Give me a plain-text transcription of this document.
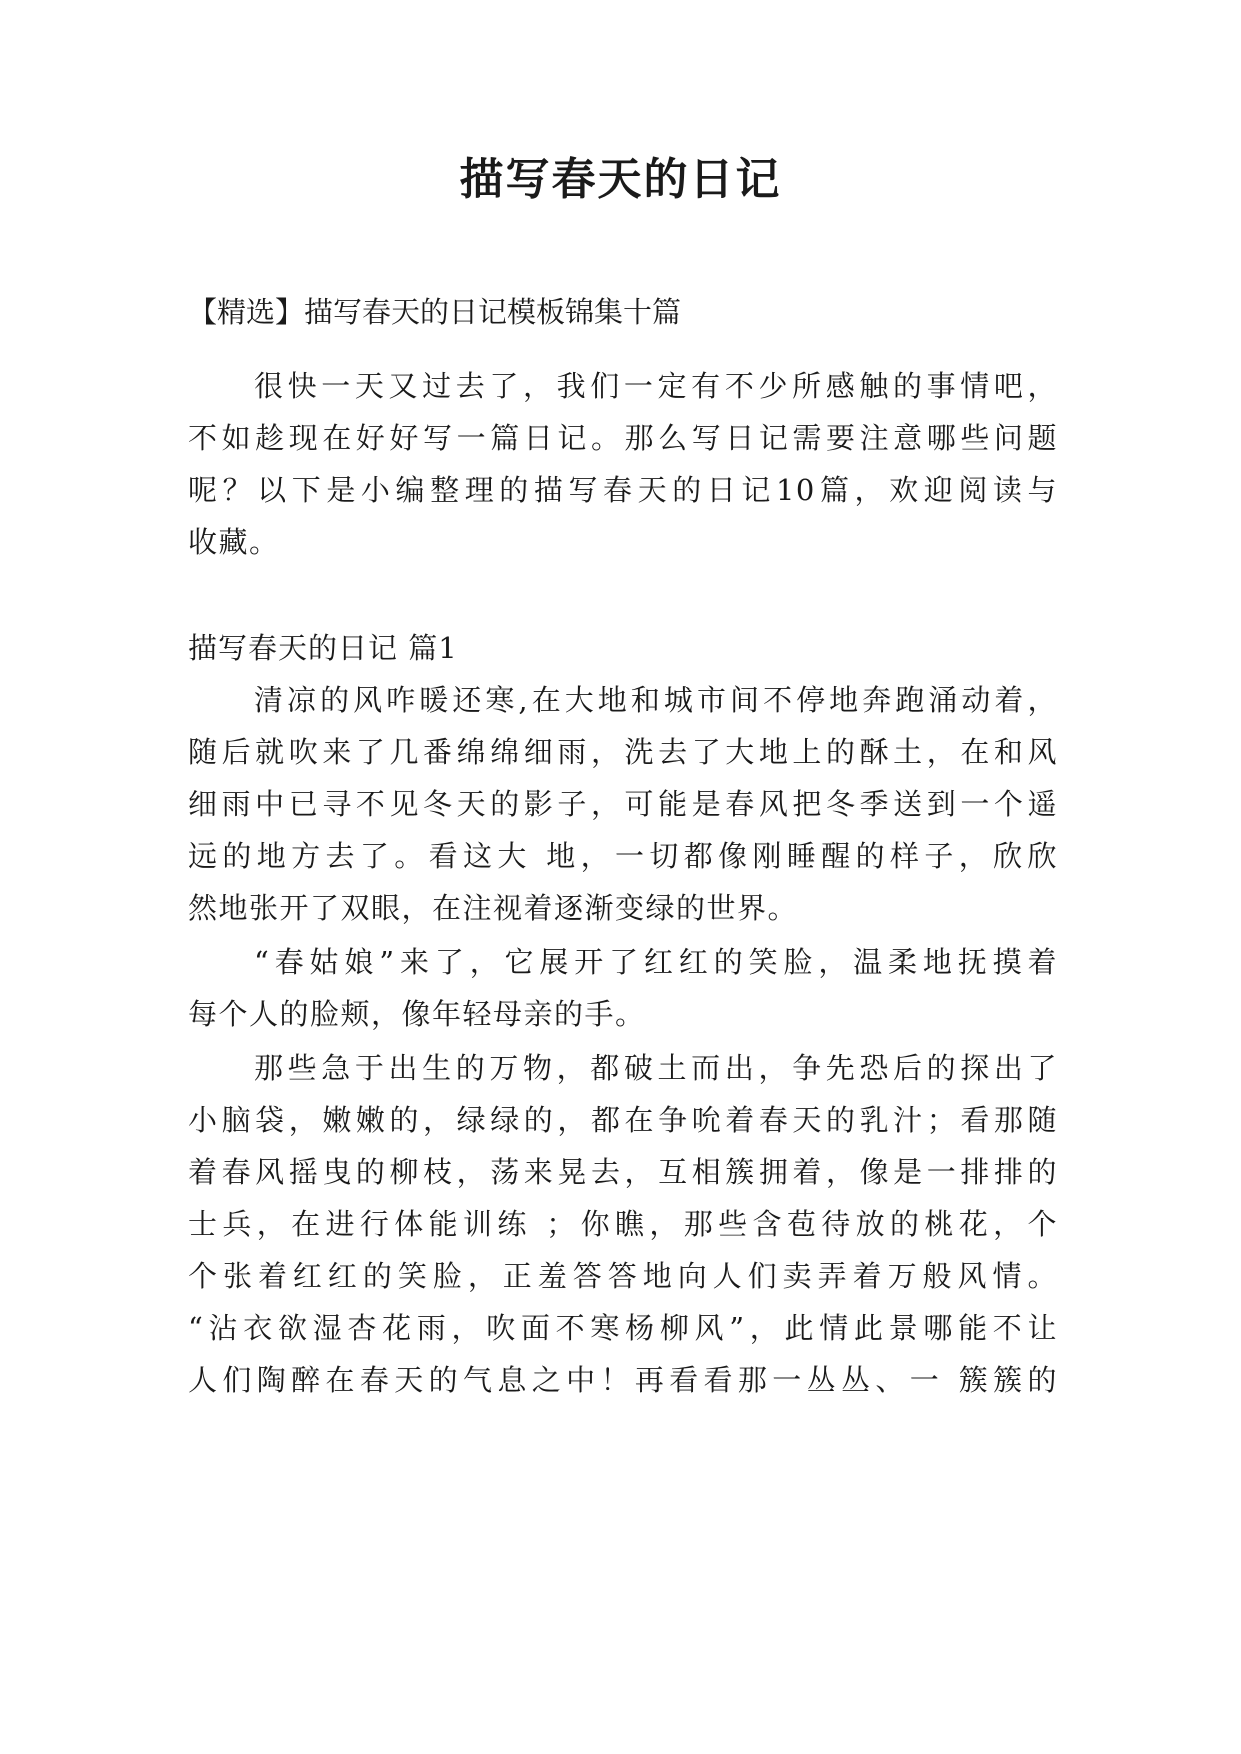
描写春天的日记
【精选】描写春天的日记模板锦集十篇
很快一天又过去了，我们一定有不少所感触的事情吧，
不如趁现在好好写一篇日记。那么写日记需要注意哪些问题
呢？以下是小编整理的描写春天的日记10篇，欢迎阅读与
收藏。
描写春天的日记 篇1
清凉的风咋暖还寒,在大地和城市间不停地奔跑涌动着，
随后就吹来了几番绵绵细雨，洗去了大地上的酥土，在和风
细雨中已寻不见冬天的影子，可能是春风把冬季送到一个遥
远的地方去了。看这大 地，一切都像刚睡醒的样子，欣欣
然地张开了双眼，在注视着逐渐变绿的世界。
“春姑娘”来了，它展开了红红的笑脸，温柔地抚摸着
每个人的脸颊，像年轻母亲的手。
那些急于出生的万物，都破土而出，争先恐后的探出了
小脑袋，嫩嫩的，绿绿的，都在争吮着春天的乳汁；看那随
着春风摇曳的柳枝，荡来晃去，互相簇拥着，像是一排排的
士兵，在进行体能训练 ；你瞧，那些含苞待放的桃花，个
个张着红红的笑脸，正羞答答地向人们卖弄着万般风情。
“沾衣欲湿杏花雨，吹面不寒杨柳风”，此情此景哪能不让
人们陶醉在春天的气息之中！再看看那一丛丛、一 簇簇的
